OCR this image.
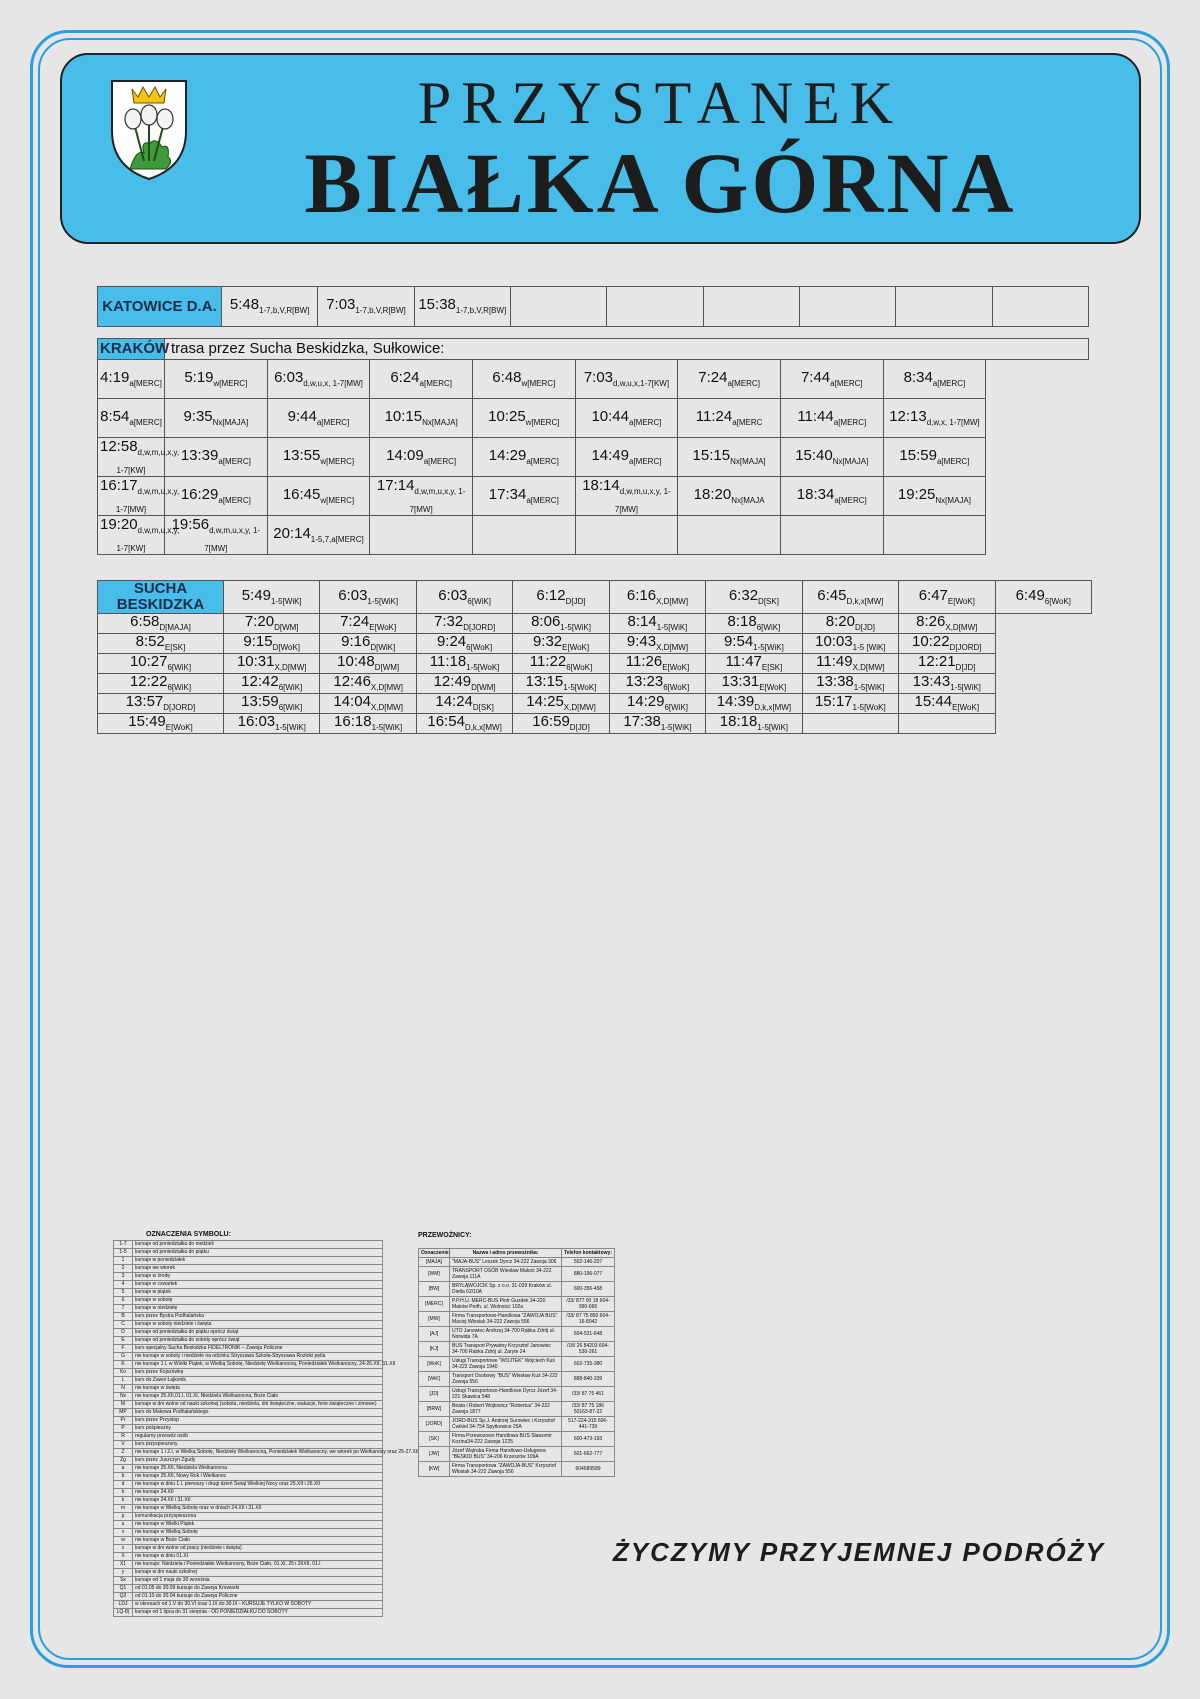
PRZYSTANEK
BIAŁKA GÓRNA
KATOWICE D.A.	$5:48_{1-7,b,V,R[BW]}$	$7:03_{1-7,b,V,R[BW]}$	$15:38_{1-7,b,V,R[BW]}$						
KRAKÓW	trasa przez Sucha Beskidzka, Sułkowice:							
$4:19_{a[MERC]}$	$5:19_{w[MERC]}$	$6:03_{d,w,u,x, 1-7[MW]}$	$6:24_{a[MERC]}$	$6:48_{w[MERC]}$	$7:03_{d,w,u,x,1-7[KW]}$	$7:24_{a[MERC]}$	$7:44_{a[MERC]}$	$8:34_{a[MERC]}$
$8:54_{a[MERC]}$	$9:35_{Nx[MAJA]}$	$9:44_{a[MERC]}$	$10:15_{Nx[MAJA]}$	$10:25_{w[MERC]}$	$10:44_{a[MERC]}$	$11:24_{a[MERC}$	$11:44_{a[MERC]}$	$12:13_{d,w,x, 1-7[MW]}$
$12:58_{d,w,m,u,x,y, 1-7[KW]}$	$13:39_{a[MERC]}$	$13:55_{w[MERC]}$	$14:09_{a[MERC]}$	$14:29_{a[MERC]}$	$14:49_{a[MERC]}$	$15:15_{Nx[MAJA]}$	$15:40_{Nx[MAJA]}$	$15:59_{a[MERC]}$
$16:17_{d,w,m,u,x,y, 1-7[MW]}$	$16:29_{a[MERC]}$	$16:45_{w[MERC]}$	$17:14_{d,w,m,u,x,y, 1-7[MW]}$	$17:34_{a[MERC]}$	$18:14_{d,w,m,u,x,y, 1-7[MW]}$	$18:20_{Nx[MAJA}$	$18:34_{a[MERC]}$	$19:25_{Nx[MAJA]}$
$19:20_{d,w,m,u,x,y, 1-7[KW]}$	$19:56_{d,w,m,u,x,y, 1-7[MW]}$	$20:14_{1-5,7,a[MERC]}$						
SUCHA BESKIDZKA	$5:49_{1-5[WiK]}$	$6:03_{1-5[WiK]}$	$6:03_{6[WiK]}$	$6:12_{D[JD]}$	$6:16_{X,D[MW]}$	$6:32_{D[SK]}$	$6:45_{D,k,x[MW]}$	$6:47_{E[WoK]}$	$6:49_{6[WoK]}$
$6:58_{D[MAJA]}$	$7:20_{D[WM]}$	$7:24_{E[WoK]}$	$7:32_{D[JORD]}$	$8:06_{1-5[WiK]}$	$8:14_{1-5[WiK]}$	$8:18_{6[WiK]}$	$8:20_{D[JD]}$	$8:26_{X,D[MW]}$
$8:52_{E[SK]}$	$9:15_{D[WoK]}$	$9:16_{D[WiK]}$	$9:24_{6[WoK]}$	$9:32_{E[WoK]}$	$9:43_{X,D[MW]}$	$9:54_{1-5[WiK]}$	$10:03_{1-5 [WiK]}$	$10:22_{D[JORD]}$
$10:27_{6[WiK]}$	$10:31_{X,D[MW]}$	$10:48_{D[WM]}$	$11:18_{1-5[WoK]}$	$11:22_{6[WoK]}$	$11:26_{E[WoK]}$	$11:47_{E[SK]}$	$11:49_{X,D[MW]}$	$12:21_{D[JD]}$
$12:22_{6[WiK]}$	$12:42_{6[WiK]}$	$12:46_{X,D[MW]}$	$12:49_{D[WM]}$	$13:15_{1-5[WoK]}$	$13:23_{6[WoK]}$	$13:31_{E[WoK]}$	$13:38_{1-5[WiK]}$	$13:43_{1-5[WiK]}$
$13:57_{D[JORD]}$	$13:59_{6[WiK]}$	$14:04_{X,D[MW]}$	$14:24_{D[SK]}$	$14:25_{X,D[MW]}$	$14:29_{6[WiK]}$	$14:39_{D,k,x[MW]}$	$15:17_{1-5[WoK]}$	$15:44_{E[WoK]}$
$15:49_{E[WoK]}$	$16:03_{1-5[WiK]}$	$16:18_{1-5[WiK]}$	$16:54_{D,k,x[MW]}$	$16:59_{D[JD]}$	$17:38_{1-5[WiK]}$	$18:18_{1-5[WiK]}$		
OZNACZENIA SYMBOLU:
1-7	kursuje od poniedziałku do niedzieli
1-5	kursuje od poniedziałku do piątku
1	kursuje w poniedziałek
2	kursuje we wtorek
3	kursuje w środę
4	kursuje w czwartek
5	kursuje w piątek
6	kursuje w sobotę
7	kursuje w niedzielę
B	kurs przez Bystra Podhalańska
C	kursuje w soboty niedziele i święta
D	kursuje od poniedziałku do piątku oprócz świąt
E	kursuje od poniedziałku do soboty oprócz świąt
F	kurs specjalny Sucha Beskidzka FIDELTRONIK – Zawoja Policzne
G	nie kursuje w soboty i niedziele na odcinku Stryszawa Szkoła-Stryszawa Roztoki pętla
K	nie kursuje 1.I, w Wielki Piątek, w Wielką Sobotę, Niedzielę Wielkanocną, Poniedziałek Wielkanocny, 24-26.XII, 31.XII
Ko	kurs przez Kojszówkę
L	kurs do Zawoi Łajkonik
N	nie kursuje w święta
Nx	nie kursuje 25.XII,01.I, 01.XI, Niedziela Wielkanocna, Boże Ciało
M	kursuje w dni wolne od nauki szkolnej (sobota, niedziela, dni świąteczne, wakacje, ferie świąteczne i zimowe)
MP	kurs do Makowa Podhalańskiego
Pr	kurs przez Przystop
P	kurs pośpieszny
R	regularny przewóz osób
V	kurs przyspieszony
Z	nie kursuje 1 i 2.I, w Wielką Sobotę, Niedzielę Wielkanocną, Poniedziałek Wielkanocny, we wtorek po Wielkanocy oraz 25-27.XII
Zg	kurs przez Juszczyn Zgudy
a	nie kursuje 25.XII, Niedziela Wielkanocna
b	nie kursuje 25.XII, Nowy Rok i Wielkanoc
d	nie kursuje w dniu 1.I, pierwszy i drugi dzień Świąt Wielkiej Nocy oraz 25.XII i 26.XII
h	nie kursuje 24.XII
k	nie kursuje 24.XII i 31.XII
m	nie kursuje w Wielką Sobotę oraz w dniach 24.XII i 31.XII
p	komunikacja przyspieszona
u	nie kursuje w Wielki Piątek
v	nie kursuje w Wielką Sobotę
w	nie kursuje w Boże Ciało
x	kursuje w dni wolne od pracy (niedziele i święta)
X	nie kursuje w dniu 01.XI
X1	nie kursuje: Niedziela i Poniedziałek Wielkanocny, Boże Ciało, 01.XI, 25 i 26XII, 01.I
y	kursuje w dni nauki szkolnej
Sx	kursuje od 1 maja do 30 września
Q1	od 01.05 do 30.09 kursuje do Zawoja Krowiarki
Q2	od 01.10 do 30.04 kursuje do Zawoja Policzne
LDJ	w okresach od 1.V do 30.VI oraz 1.IX do 30.IX - KURSUJE TYLKO W SOBOTY
LQ-8)	kursuje od 1 lipca do 31 sierpnia - OD PONIEDZIAŁKU DO SOBOTY
PRZEWOŹNICY:
Oznaczenie:	Nazwa i adres przewoźnika:	Telefon kontaktowy:
[MAJA]	"MAJA-BUS" Leszek Dyrcz 34-222 Zawoja 306	502-146-207
[WM]	TRANSPORT OSÓB Wiesław Makoś 34-222 Zawoja 111A	880-196-077
[BW]	BRYLĄWOJCIK Sp. z o.o. 31-039 Kraków ul. Dietla 62/10A	600-356-458
[MERC]	P.P.H.U. MERC-BUS Piotr Guzdek 34-220 Maków Podh. ul. Wolności 102a	/33/ 877 00 18 604-990-666
[MW]	Firma Transportowo-Handlowa "ZAWOJA BUS" Maciej Włosiak 34-222 Zawoja 556	/33/ 87 75 850 604-16-8042
[AJ]	UTO Janowiec Andrzej 34-700 Rabka Zdrój ul. Norwida 7A	604-531-648
[KJ]	BUS Transport Prywatny Krzysztof Janowiec 34-700 Rabka Zdrój ul. Zaryte 24	/18/ 26 84203 604-530-261
[WoK]	Usługi Transportowe "WOJTEK" Wojciech Kuś 34-222 Zawoja 1940	602-735-380
[WiK]	Transport Osobowy "BUS" Wiesław Kuś 34-222 Zawoja 556	888-840-339
[JD]	Usługi Transportowo-Handlowe Dyrcz Józef 34-221 Skawica 548	/33/ 87 75 461
[BRW]	Beata i Robert Wojtowicz "Robertus" 34-222 Zawoja 1877	/33/ 87 75 186 50163-87-22
[JORD]	JORD-BUS Sp.J. Andrzej Surowiec i Krzysztof Ćwikiel 34-754 Spytkowice 25A	517-224-315 606-441-739
[SK]	Firma Przewozowo Handlowa BUS Sławomir Kozina34-222 Zawoja 1225	600-473-193
[JW]	Józef Wątroba Firma Handlowo-Usługowa "BESKID BUS" 34-206 Krzeszów 109A	601-662-777
[KW]	Firma Transportowa "ZAWOJA-BUS" Krzysztof Włosiak 34-222 Zawoja 556	604689589
ŻYCZYMY PRZYJEMNEJ PODRÓŻY
